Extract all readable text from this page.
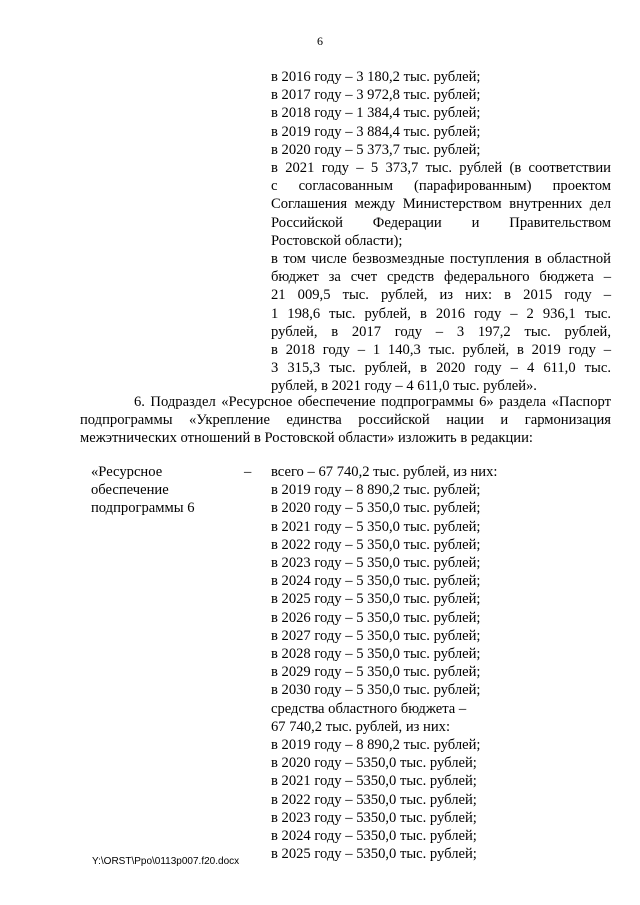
6
в 2016 году – 3 180,2 тыс. рублей;
в 2017 году – 3 972,8 тыс. рублей;
в 2018 году – 1 384,4 тыс. рублей;
в 2019 году – 3 884,4 тыс. рублей;
в 2020 году – 5 373,7 тыс. рублей;
в 2021 году – 5 373,7 тыс. рублей (в соответствии
с согласованным (парафированным) проектом
Соглашения между Министерством внутренних дел
Российской Федерации и Правительством
Ростовской области);
в том числе безвозмездные поступления в областной
бюджет за счет средств федерального бюджета –
21 009,5 тыс. рублей, из них: в 2015 году –
1 198,6 тыс. рублей, в 2016 году – 2 936,1 тыс.
рублей, в 2017 году – 3 197,2 тыс. рублей,
в 2018 году – 1 140,3 тыс. рублей, в 2019 году –
3 315,3 тыс. рублей, в 2020 году – 4 611,0 тыс.
рублей, в 2021 году – 4 611,0 тыс. рублей».
6. Подраздел «Ресурсное обеспечение подпрограммы 6» раздела «Паспорт
подпрограммы «Укрепление единства российской нации и гармонизация
межэтнических отношений в Ростовской области» изложить в редакции:
«Ресурсное
обеспечение
подпрограммы 6
– всего – 67 740,2 тыс. рублей, из них:
в 2019 году – 8 890,2 тыс. рублей;
в 2020 году – 5 350,0 тыс. рублей;
в 2021 году – 5 350,0 тыс. рублей;
в 2022 году – 5 350,0 тыс. рублей;
в 2023 году – 5 350,0 тыс. рублей;
в 2024 году – 5 350,0 тыс. рублей;
в 2025 году – 5 350,0 тыс. рублей;
в 2026 году – 5 350,0 тыс. рублей;
в 2027 году – 5 350,0 тыс. рублей;
в 2028 году – 5 350,0 тыс. рублей;
в 2029 году – 5 350,0 тыс. рублей;
в 2030 году – 5 350,0 тыс. рублей;
средства областного бюджета –
67 740,2 тыс. рублей, из них:
в 2019 году – 8 890,2 тыс. рублей;
в 2020 году – 5350,0 тыс. рублей;
в 2021 году – 5350,0 тыс. рублей;
в 2022 году – 5350,0 тыс. рублей;
в 2023 году – 5350,0 тыс. рублей;
в 2024 году – 5350,0 тыс. рублей;
в 2025 году – 5350,0 тыс. рублей;
Y:\ORST\Ppo\0113p007.f20.docx
